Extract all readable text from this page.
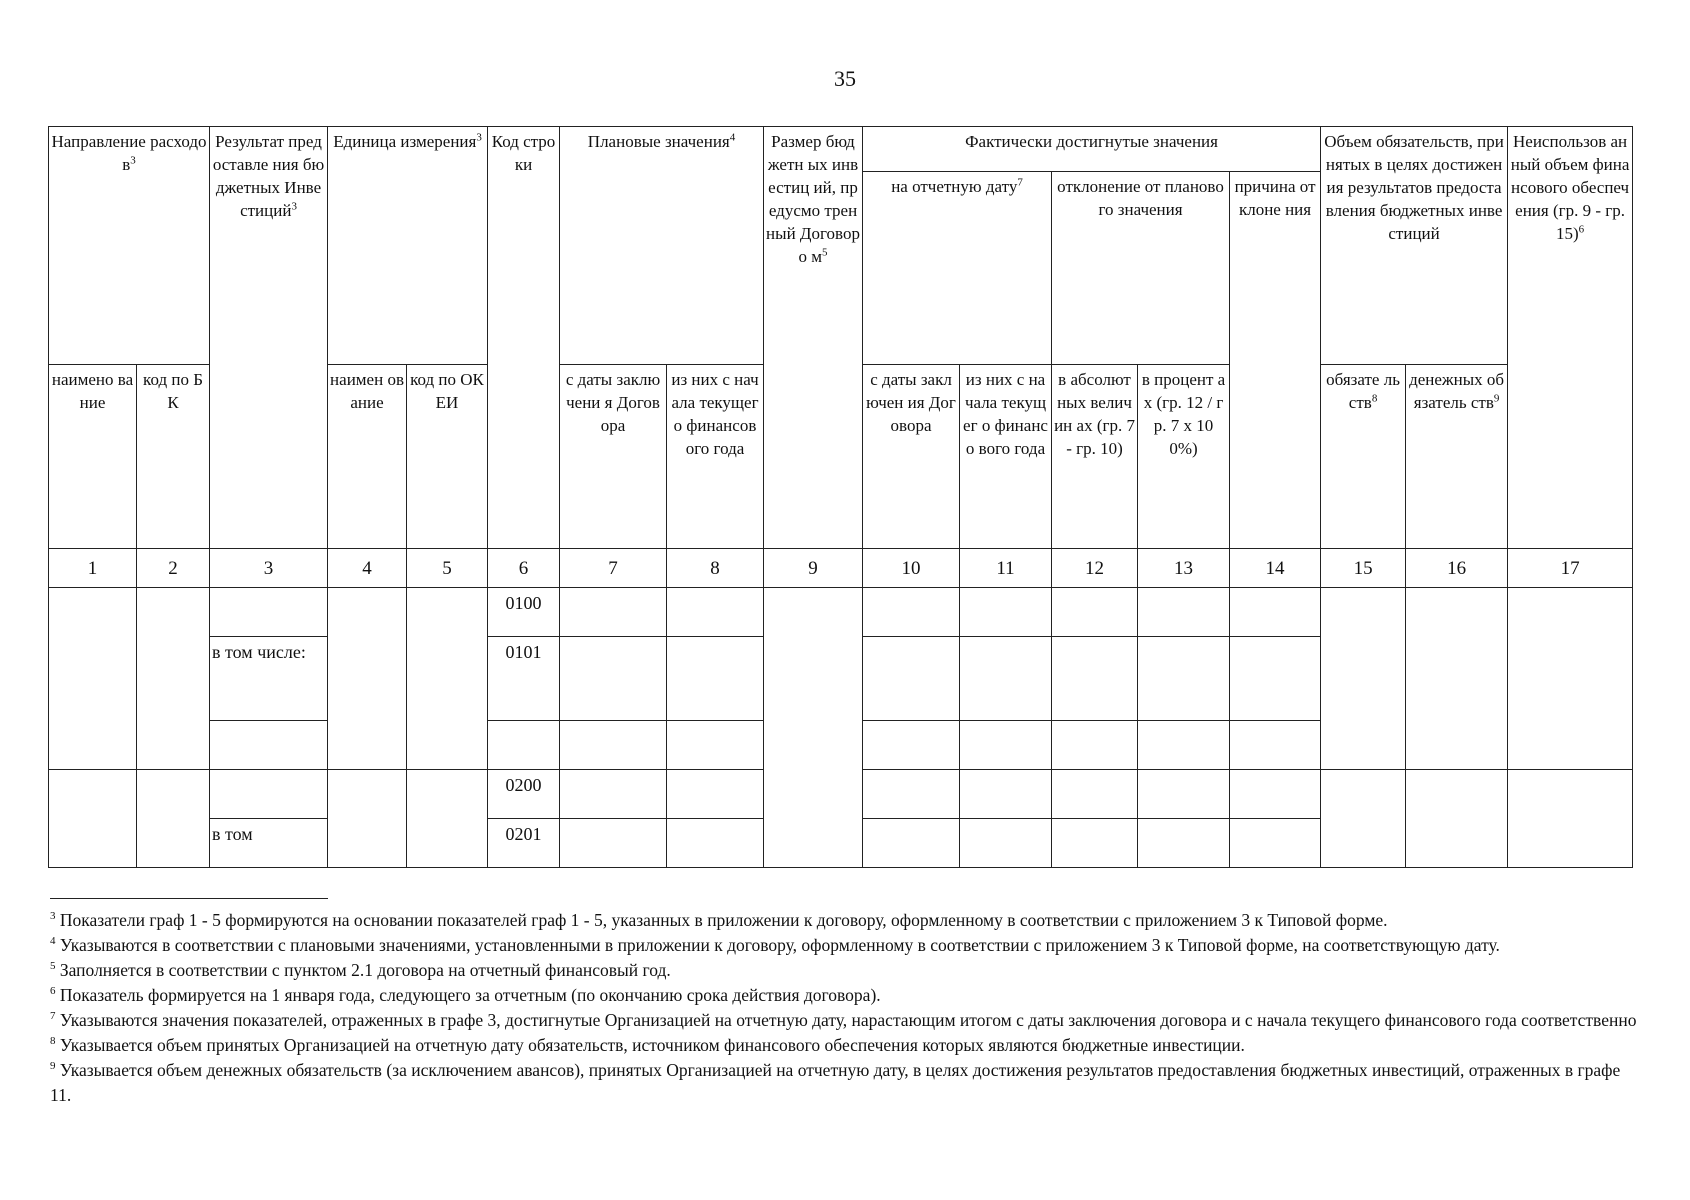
35
Направление расходов$^3$		Результат предоставле ния бюджетных Инвестиций$^3$	Единица измерения$^3$		Код строки	Плановые значения$^4$		Размер бюджетн ых инвестиц ий, предусмо тренный Договоро $м^5$	Фактически достигнутые значения					Объем обязательств, принятых в целях достижения результатов предоставления бюджетных инвестиций		Неиспользов анный объем финансового обеспечения (гр. 9 - гр. 15)$^6$
									на отчетную дату$^7$		отклонение от планового значения		причина отклоне ния			
наимено вание	код по БК		наимен ование	код по ОКЕИ		с даты заключени я Договора	из них с начала текущего финансов ого года		с даты заключен ия Договора	из них с начала текущег о финансо вого года	в абсолют ных величин ах (гр. 7 - гр. 10)	в процент ах (гр. 12 / гр. 7 х 100%)		обязате льств$^8$	денежных обязатель ств$^9$
1	2	3	4	5	6	7	8	9	10	11	12	13	14	15	16	17
					0100											
		в том числе:			0101											

					0200											
		в том			0201											

$^3$ Показатели граф 1 - 5 формируются на основании показателей граф 1 - 5, указанных в приложении к договору, оформленному в соответствии с приложением 3 к Типовой форме.

$^4$ Указываются в соответствии с плановыми значениями, установленными в приложении к договору, оформленному в соответствии с приложением 3 к Типовой форме, на соответствующую дату.

$^5$ Заполняется в соответствии с пунктом 2.1 договора на отчетный финансовый год.

$^6$ Показатель формируется на 1 января года, следующего за отчетным (по окончанию срока действия договора).

$^7$ Указываются значения показателей, отраженных в графе 3, достигнутые Организацией на отчетную дату, нарастающим итогом с даты заключения договора и с начала текущего финансового года соответственно

$^8$ Указывается объем принятых Организацией на отчетную дату обязательств, источником финансового обеспечения которых являются бюджетные инвестиции.

$^9$ Указывается объем денежных обязательств (за исключением авансов), принятых Организацией на отчетную дату, в целях достижения результатов предоставления бюджетных инвестиций, отраженных в графе 11.
